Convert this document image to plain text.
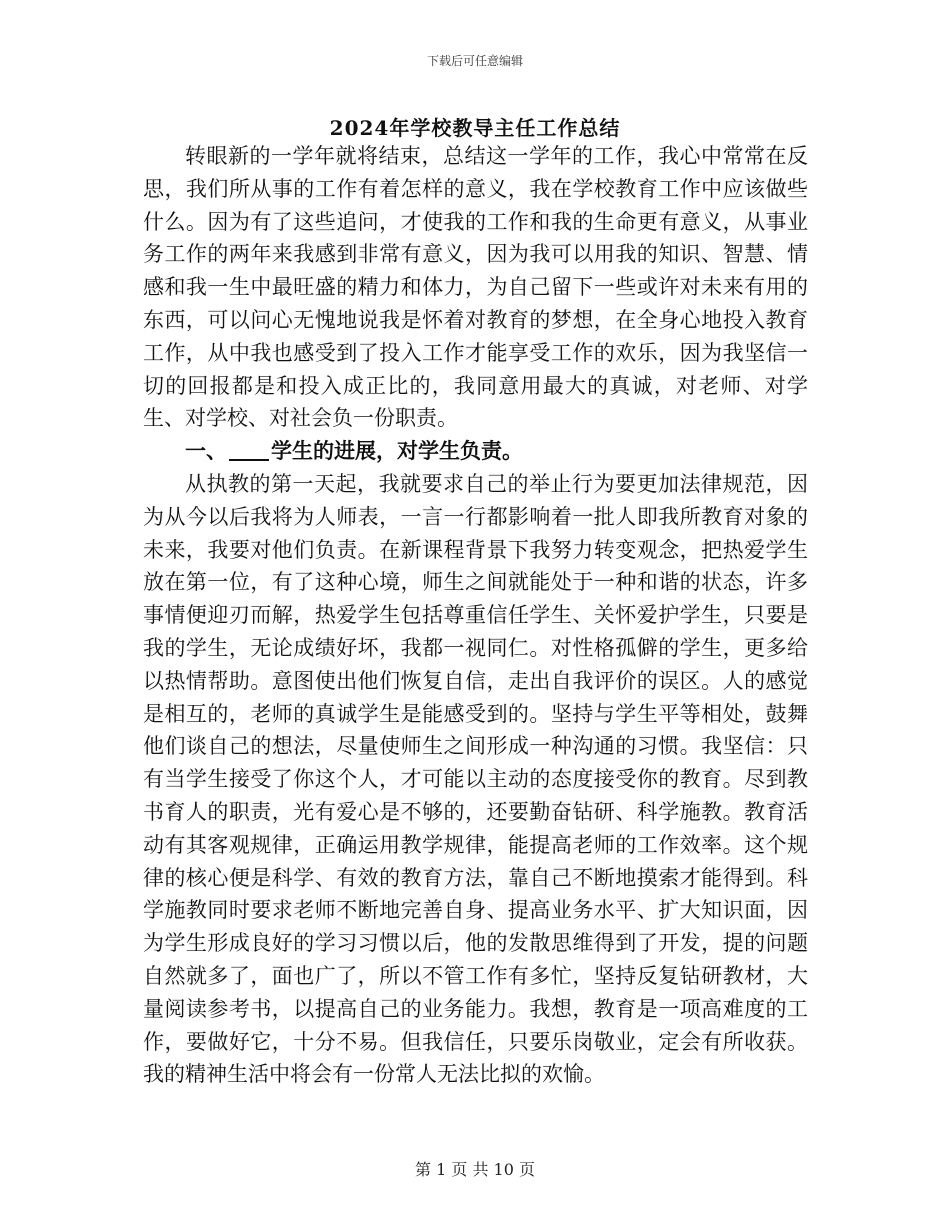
下载后可任意编辑
2024年学校教导主任工作总结

转眼新的一学年就将结束，总结这一学年的工作，我心中常常在反思，我们所从事的工作有着怎样的意义，我在学校教育工作中应该做些什么。因为有了这些追问，才使我的工作和我的生命更有意义，从事业务工作的两年来我感到非常有意义，因为我可以用我的知识、智慧、情感和我一生中最旺盛的精力和体力，为自己留下一些或许对未来有用的东西，可以问心无愧地说我是怀着对教育的梦想，在全身心地投入教育工作，从中我也感受到了投入工作才能享受工作的欢乐，因为我坚信一切的回报都是和投入成正比的，我同意用最大的真诚，对老师、对学生、对学校、对社会负一份职责。

一、 学生的进展，对学生负责。

从执教的第一天起，我就要求自己的举止行为要更加法律规范，因为从今以后我将为人师表，一言一行都影响着一批人即我所教育对象的未来，我要对他们负责。在新课程背景下我努力转变观念，把热爱学生放在第一位，有了这种心境，师生之间就能处于一种和谐的状态，许多事情便迎刃而解，热爱学生包括尊重信任学生、关怀爱护学生，只要是我的学生，无论成绩好坏，我都一视同仁。对性格孤僻的学生，更多给以热情帮助。意图使出他们恢复自信，走出自我评价的误区。人的感觉是相互的，老师的真诚学生是能感受到的。坚持与学生平等相处，鼓舞他们谈自己的想法，尽量使师生之间形成一种沟通的习惯。我坚信：只有当学生接受了你这个人，才可能以主动的态度接受你的教育。尽到教书育人的职责，光有爱心是不够的，还要勤奋钻研、科学施教。教育活动有其客观规律，正确运用教学规律，能提高老师的工作效率。这个规律的核心便是科学、有效的教育方法，靠自己不断地摸索才能得到。科学施教同时要求老师不断地完善自身、提高业务水平、扩大知识面，因为学生形成良好的学习习惯以后，他的发散思维得到了开发，提的问题自然就多了，面也广了，所以不管工作有多忙，坚持反复钻研教材，大量阅读参考书，以提高自己的业务能力。我想，教育是一项高难度的工作，要做好它，十分不易。但我信任，只要乐岗敬业，定会有所收获。我的精神生活中将会有一份常人无法比拟的欢愉。

第 1 页 共 10 页
